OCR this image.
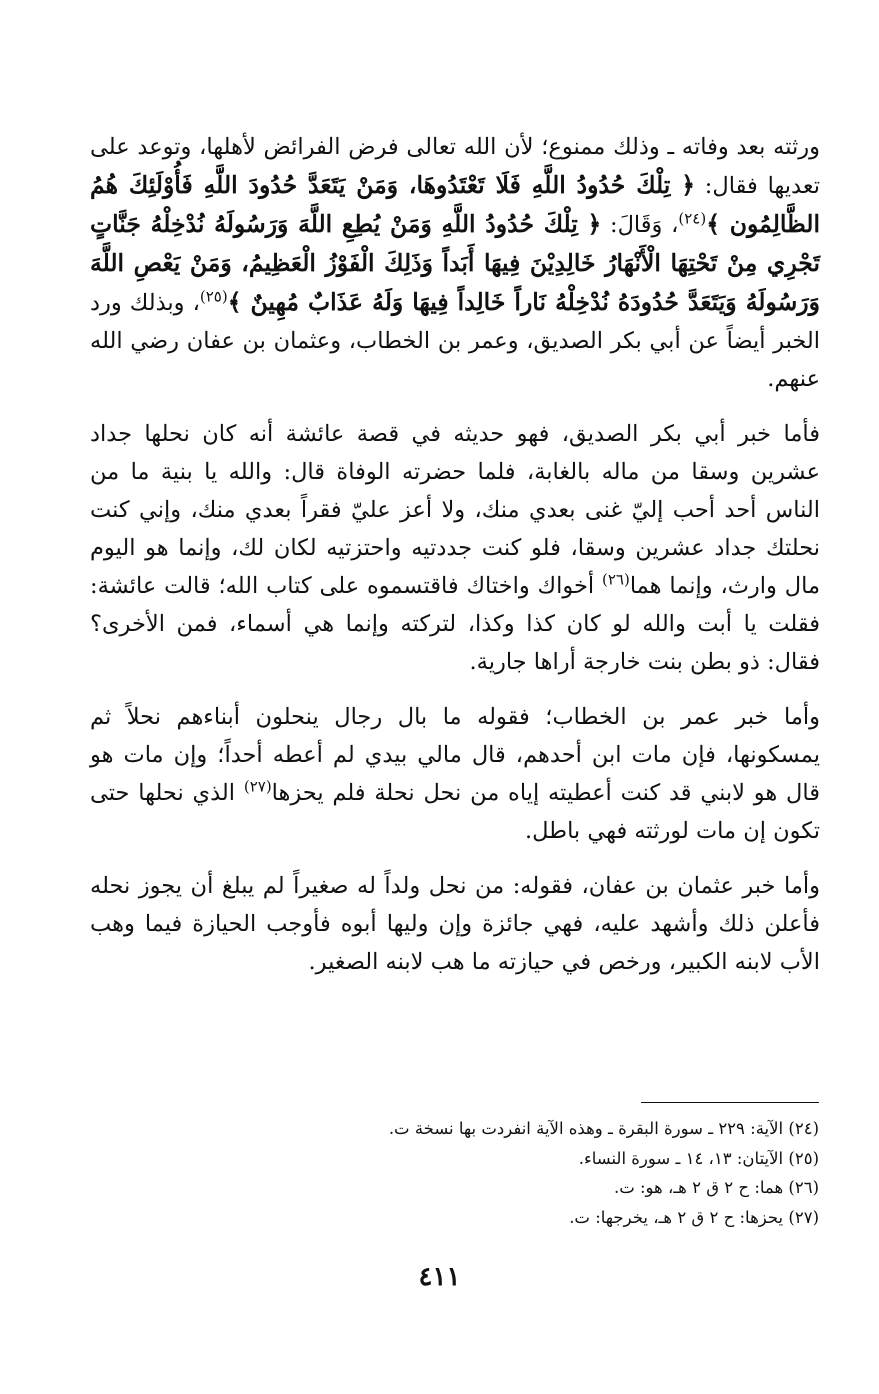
ورثته بعد وفاته ـ وذلك ممنوع؛ لأن الله تعالى فرض الفرائض لأهلها، وتوعد على تعديها فقال: ﴿ تِلْكَ حُدُودُ اللَّهِ فَلَا تَعْتَدُوهَا، وَمَنْ يَتَعَدَّ حُدُودَ اللَّهِ فَأُوْلَئِكَ هُمُ الظَّالِمُون ﴾$^{(٢٤)}$، وَقَالَ: ﴿ تِلْكَ حُدُودُ اللَّهِ وَمَنْ يُطِعِ اللَّهَ وَرَسُولَهُ نُدْخِلْهُ جَنَّاتٍ تَجْرِي مِنْ تَحْتِهَا الْأَنْهَارُ خَالِدِيْنَ فِيهَا أَبَداً وَذَلِكَ الْفَوْزُ الْعَظِيمُ، وَمَنْ يَعْصِ اللَّهَ وَرَسُولَهُ وَيَتَعَدَّ حُدُودَهُ نُدْخِلْهُ نَاراً خَالِداً فِيهَا وَلَهُ عَذَابٌ مُهِينٌ ﴾$^{(٢٥)}$، وبذلك ورد الخبر أيضاً عن أبي بكر الصديق، وعمر بن الخطاب، وعثمان بن عفان رضي الله عنهم.

فأما خبر أبي بكر الصديق، فهو حديثه في قصة عائشة أنه كان نحلها جداد عشرين وسقا من ماله بالغابة، فلما حضرته الوفاة قال: والله يا بنية ما من الناس أحد أحب إليّ غنى بعدي منك، ولا أعز عليّ فقراً بعدي منك، وإني كنت نحلتك جداد عشرين وسقا، فلو كنت جددتيه واحتزتيه لكان لك، وإنما هو اليوم مال وارث، وإنما هما$^{(٢٦)}$ أخواك واختاك فاقتسموه على كتاب الله؛ قالت عائشة: فقلت يا أبت والله لو كان كذا وكذا، لتركته وإنما هي أسماء، فمن الأخرى؟ فقال: ذو بطن بنت خارجة أراها جارية.

وأما خبر عمر بن الخطاب؛ فقوله ما بال رجال ينحلون أبناءهم نحلاً ثم يمسكونها، فإن مات ابن أحدهم، قال مالي بيدي لم أعطه أحداً؛ وإن مات هو قال هو لابني قد كنت أعطيته إياه من نحل نحلة فلم يحزها$^{(٢٧)}$ الذي نحلها حتى تكون إن مات لورثته فهي باطل.

وأما خبر عثمان بن عفان، فقوله: من نحل ولداً له صغيراً لم يبلغ أن يجوز نحله فأعلن ذلك وأشهد عليه، فهي جائزة وإن وليها أبوه فأوجب الحيازة فيما وهب الأب لابنه الكبير، ورخص في حيازته ما هب لابنه الصغير.

(٢٤) الآية: ٢٢٩ ـ سورة البقرة ـ وهذه الآية انفردت بها نسخة ت.
(٢٥) الآيتان: ١٣، ١٤ ـ سورة النساء.
(٢٦) هما: ح ٢ ق ٢ هـ، هو: ت.
(٢٧) يحزها: ح ٢ ق ٢ هـ، يخرجها: ت.
٤١١
